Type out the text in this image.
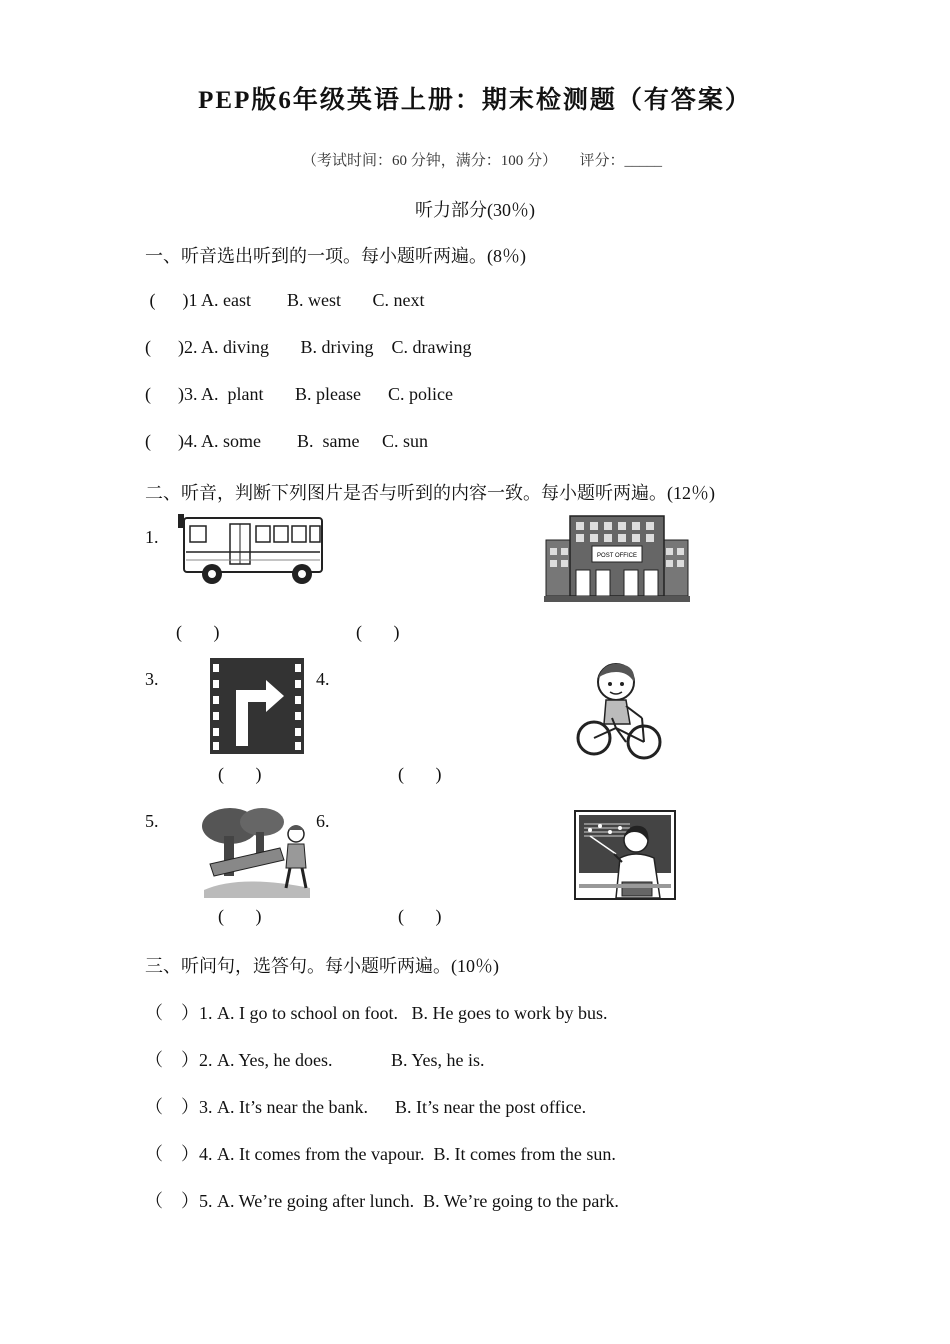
PEP版6年级英语上册：期末检测题（有答案）
（考试时间：60 分钟，满分：100 分）      评分：_____
听力部分(30％)
一、听音选出听到的一项。每小题听两遍。(8％)
(      )1 A. east        B. west       C. next
(      )2. A. diving       B. driving    C. drawing
(      )3. A.  plant       B. please      C. police
(      )4. A. some        B.  same     C. sun
二、听音，判断下列图片是否与听到的内容一致。每小题听两遍。(12％)
1.
POST OFFICE
(       )	(       )
3.	4.
(       )	(       )
5.	6.
(       )	(       )
三、听问句，选答句。每小题听两遍。(10％)
（    ）1. A. I go to school on foot.   B. He goes to work by bus.
（    ）2. A. Yes, he does.             B. Yes, he is.
（    ）3. A. It’s near the bank.      B. It’s near the post office.
（    ）4. A. It comes from the vapour.  B. It comes from the sun.
（    ）5. A. We’re going after lunch.  B. We’re going to the park.
